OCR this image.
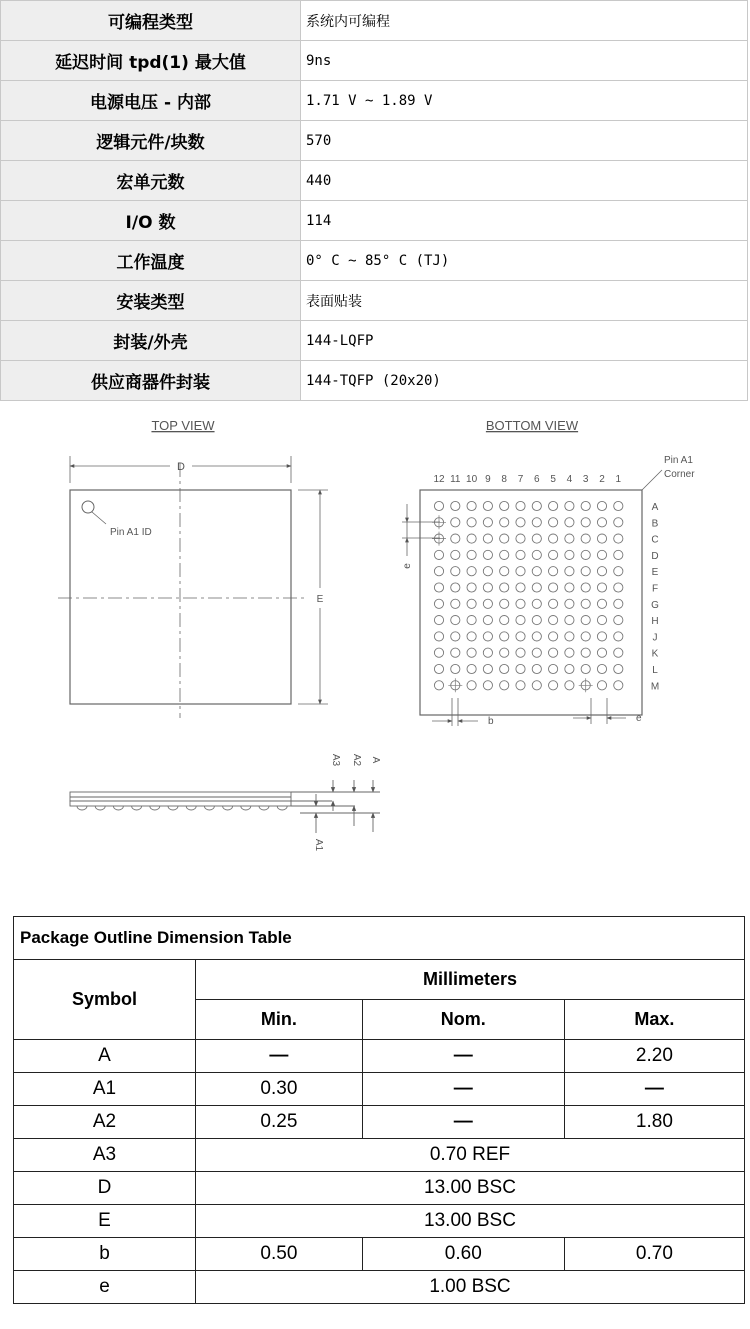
可编程类型	系统内可编程
延迟时间 tpd(1) 最大值	9ns
电源电压 - 内部	1.71 V ~ 1.89 V
逻辑元件/块数	570
宏单元数	440
I/O 数	114
工作温度	0° C ~ 85° C (TJ)
安装类型	表面贴装
封装/外壳	144-LQFP
供应商器件封装	144-TQFP (20x20)
TOP VIEW	BOTTOM VIEW
D
E
Pin A1 ID
12 11 10 9 8 7 6 5 4 3 2 1
A
B
C
D
E
F
G
H
J
K
L
M
Pin A1
Corner
e
b	e
A3 A2 A
A1
Package Outline Dimension Table			
Symbol	Millimeters		
	Min.	Nom.	Max.
A	—	—	2.20
A1	0.30	—	—
A2	0.25	—	1.80
A3	0.70 REF		
D	13.00 BSC		
E	13.00 BSC		
b	0.50	0.60	0.70
e	1.00 BSC		
